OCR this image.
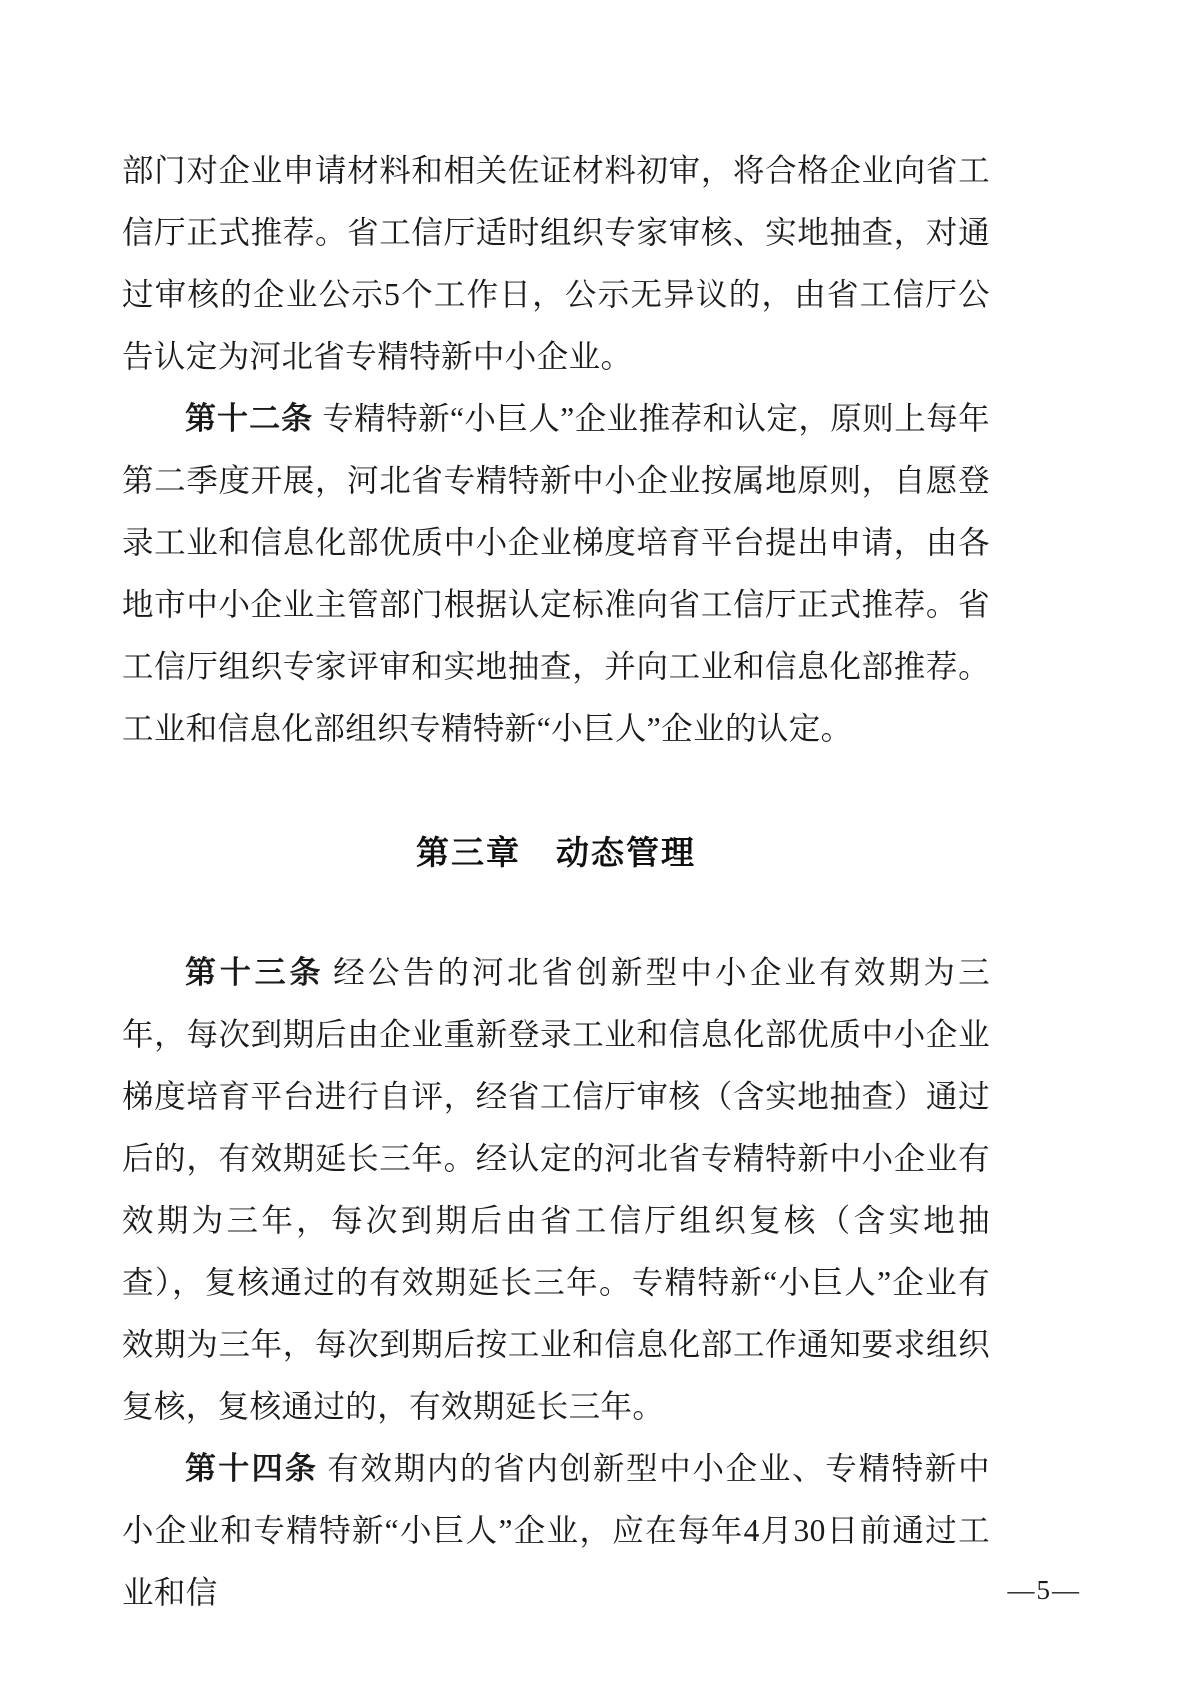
部门对企业申请材料和相关佐证材料初审，将合格企业向省工信厅正式推荐。省工信厅适时组织专家审核、实地抽查，对通过审核的企业公示5个工作日，公示无异议的，由省工信厅公告认定为河北省专精特新中小企业。

第十二条 专精特新“小巨人”企业推荐和认定，原则上每年第二季度开展，河北省专精特新中小企业按属地原则，自愿登录工业和信息化部优质中小企业梯度培育平台提出申请，由各地市中小企业主管部门根据认定标准向省工信厅正式推荐。省工信厅组织专家评审和实地抽查，并向工业和信息化部推荐。工业和信息化部组织专精特新“小巨人”企业的认定。

第三章　动态管理

第十三条 经公告的河北省创新型中小企业有效期为三年，每次到期后由企业重新登录工业和信息化部优质中小企业梯度培育平台进行自评，经省工信厅审核（含实地抽查）通过后的，有效期延长三年。经认定的河北省专精特新中小企业有效期为三年，每次到期后由省工信厅组织复核（含实地抽查），复核通过的有效期延长三年。专精特新“小巨人”企业有效期为三年，每次到期后按工业和信息化部工作通知要求组织复核，复核通过的，有效期延长三年。

第十四条 有效期内的省内创新型中小企业、专精特新中小企业和专精特新“小巨人”企业，应在每年4月30日前通过工业和信	—5—
